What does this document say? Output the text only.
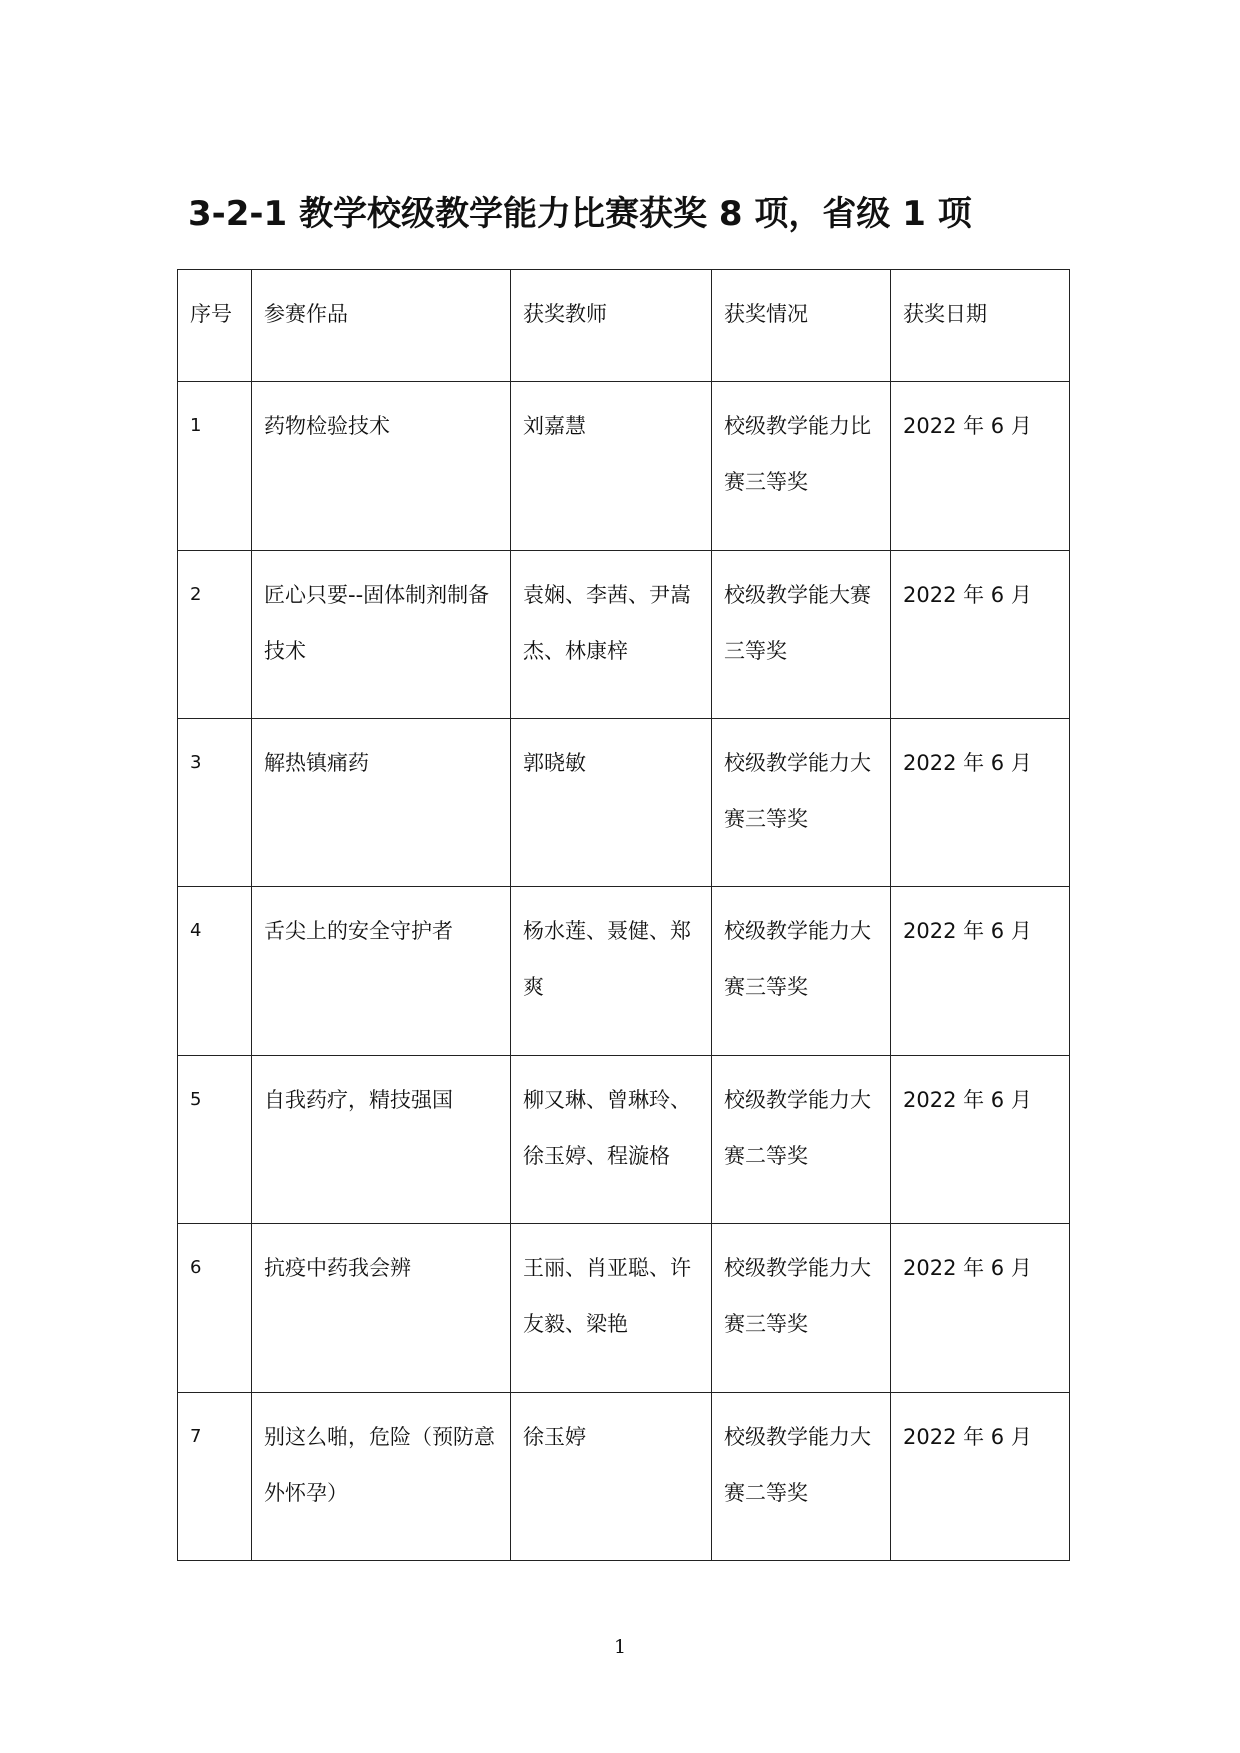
3-2-1 教学校级教学能力比赛获奖 8 项，省级 1 项
序号	参赛作品	获奖教师	获奖情况	获奖日期
1	药物检验技术	刘嘉慧	校级教学能力比赛三等奖	2022 年 6 月
2	匠心只要--固体制剂制备技术	袁娴、李茜、尹嵩杰、林康梓	校级教学能大赛三等奖	2022 年 6 月
3	解热镇痛药	郭晓敏	校级教学能力大赛三等奖	2022 年 6 月
4	舌尖上的安全守护者	杨水莲、聂健、郑爽	校级教学能力大赛三等奖	2022 年 6 月
5	自我药疗，精技强国	柳又琳、曾琳玲、徐玉婷、程漩格	校级教学能力大赛二等奖	2022 年 6 月
6	抗疫中药我会辨	王丽、肖亚聪、许友毅、梁艳	校级教学能力大赛三等奖	2022 年 6 月
7	别这么啪，危险（预防意外怀孕）	徐玉婷	校级教学能力大赛二等奖	2022 年 6 月
1
